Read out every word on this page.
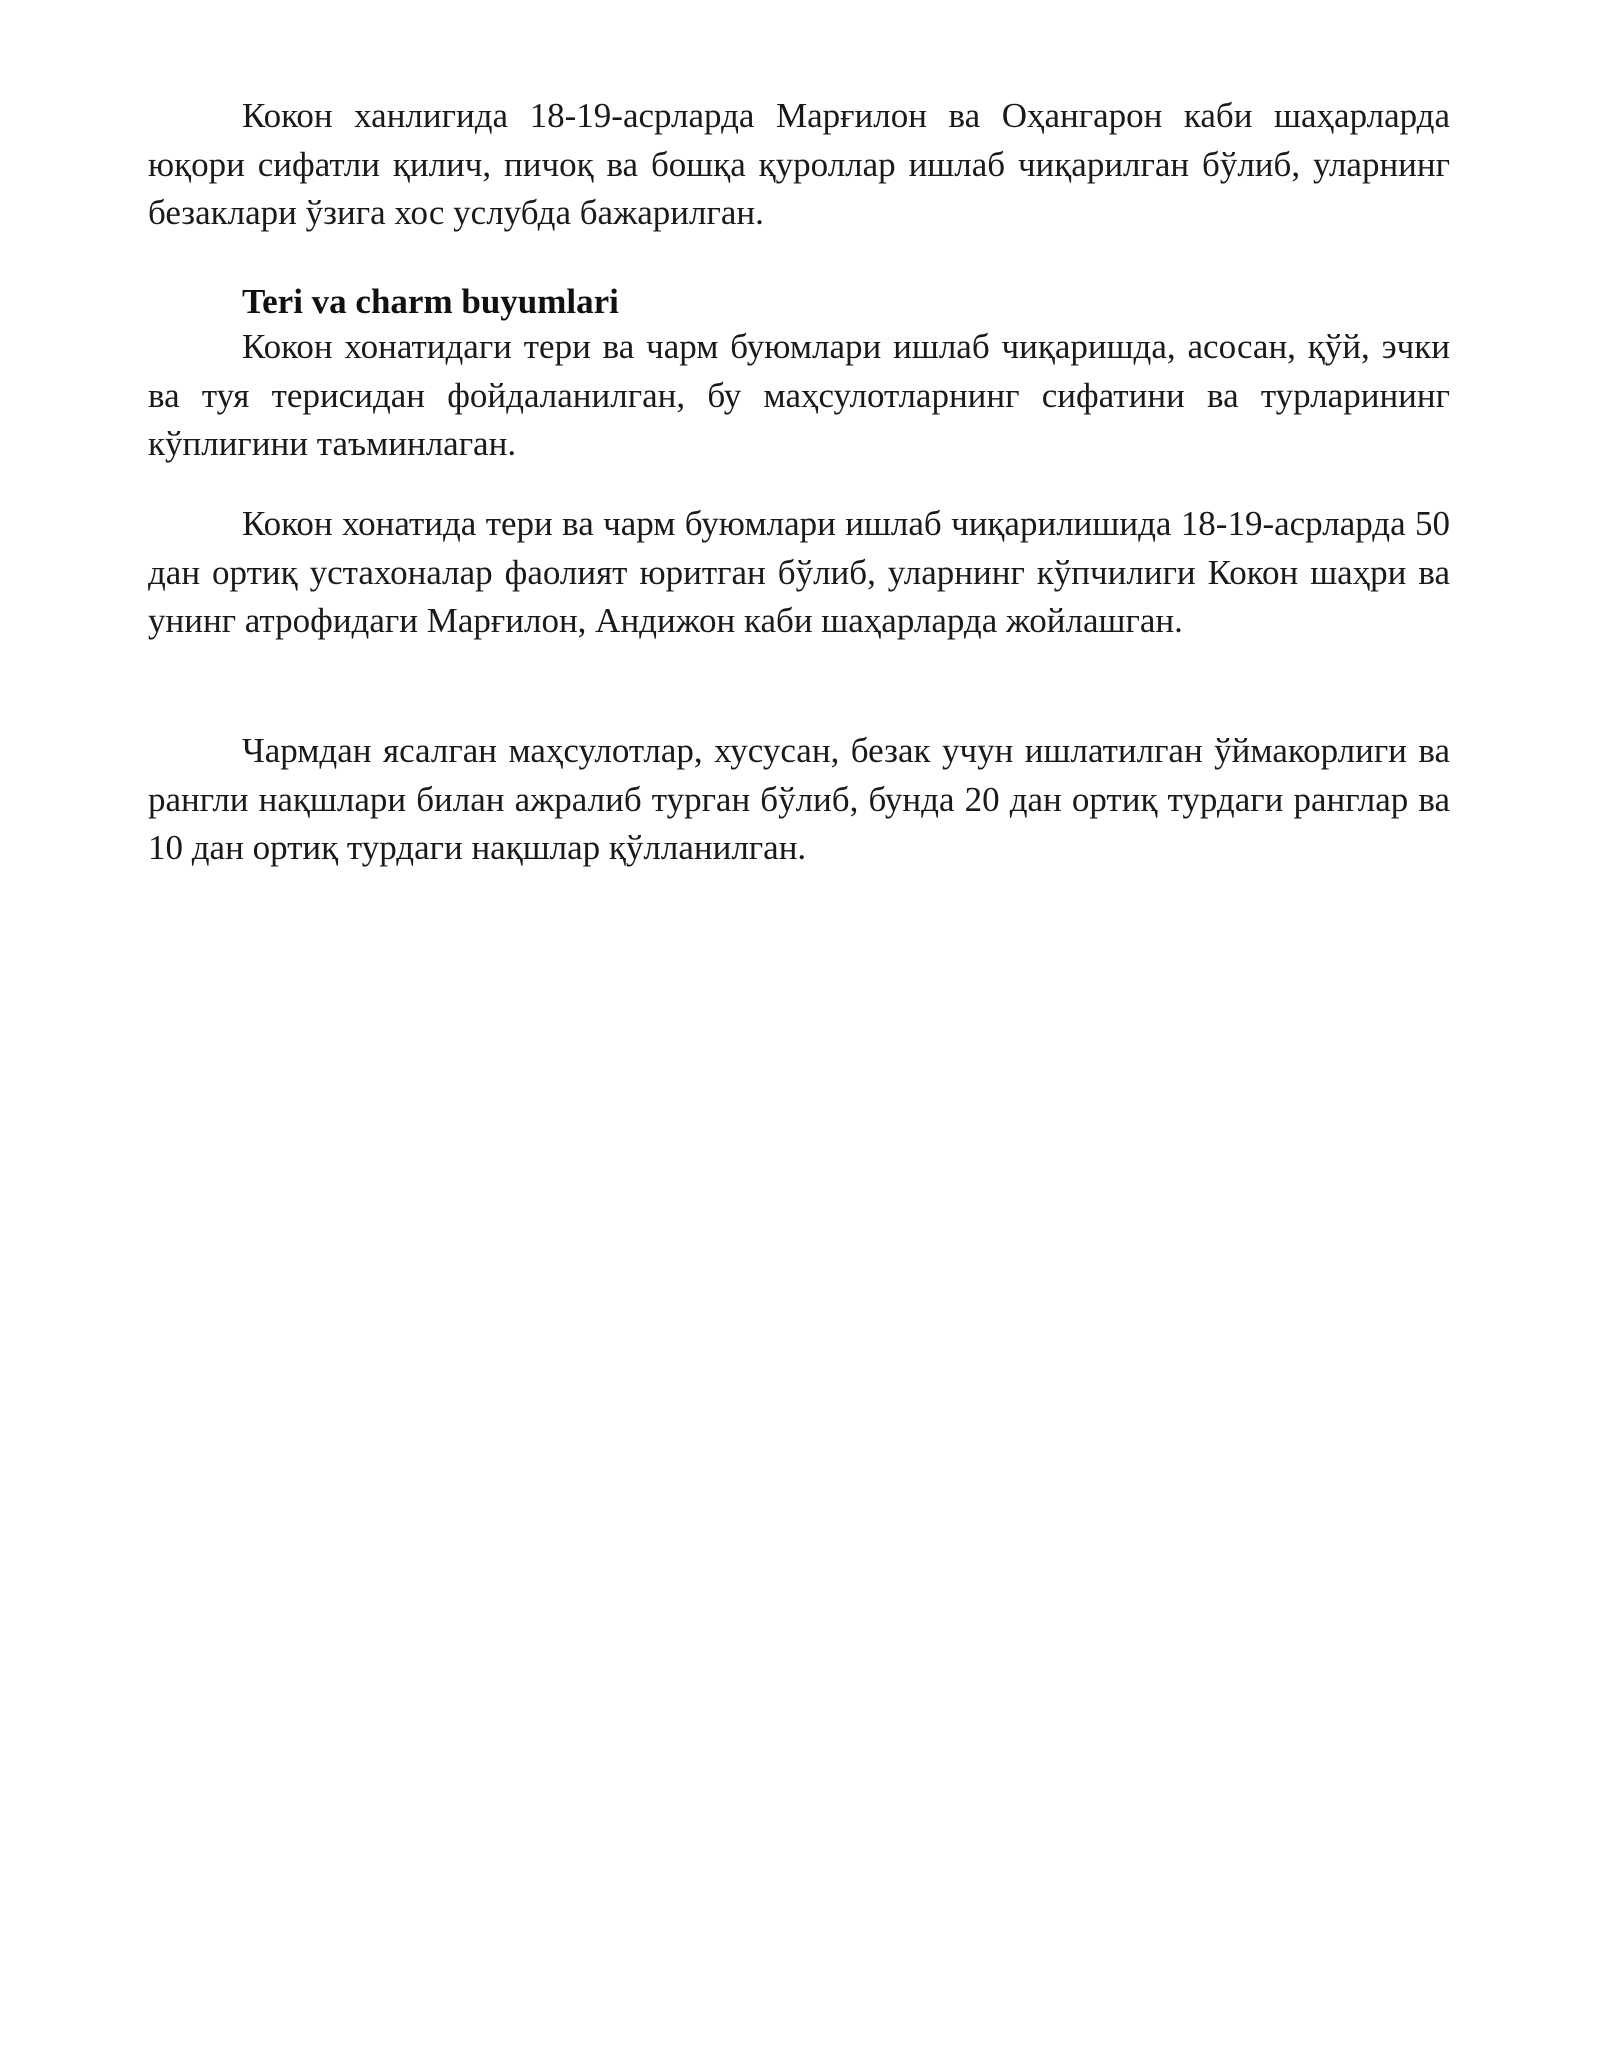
Кокон ханлигида 18-19-асрларда Марғилон ва Оҳангарон каби шаҳарларда юқори сифатли қилич, пичоқ ва бошқа қуроллар ишлаб чиқарилган бўлиб, уларнинг безаклари ўзига хос услубда бажарилган.

Teri va charm buyumlari

Кокон хонатидаги тери ва чарм буюмлари ишлаб чиқаришда, асосан, қўй, эчки ва туя терисидан фойдаланилган, бу маҳсулотларнинг сифатини ва турларининг кўплигини таъминлаган.

Кокон хонатида тери ва чарм буюмлари ишлаб чиқарилишида 18-19-асрларда 50 дан ортиқ устахоналар фаолият юритган бўлиб, уларнинг кўпчилиги Кокон шаҳри ва унинг атрофидаги Марғилон, Андижон каби шаҳарларда жойлашган.

Чармдан ясалган маҳсулотлар, хусусан, безак учун ишлатилган ўймакорлиги ва рангли нақшлари билан ажралиб турган бўлиб, бунда 20 дан ортиқ турдаги ранглар ва 10 дан ортиқ турдаги нақшлар қўлланилган.
